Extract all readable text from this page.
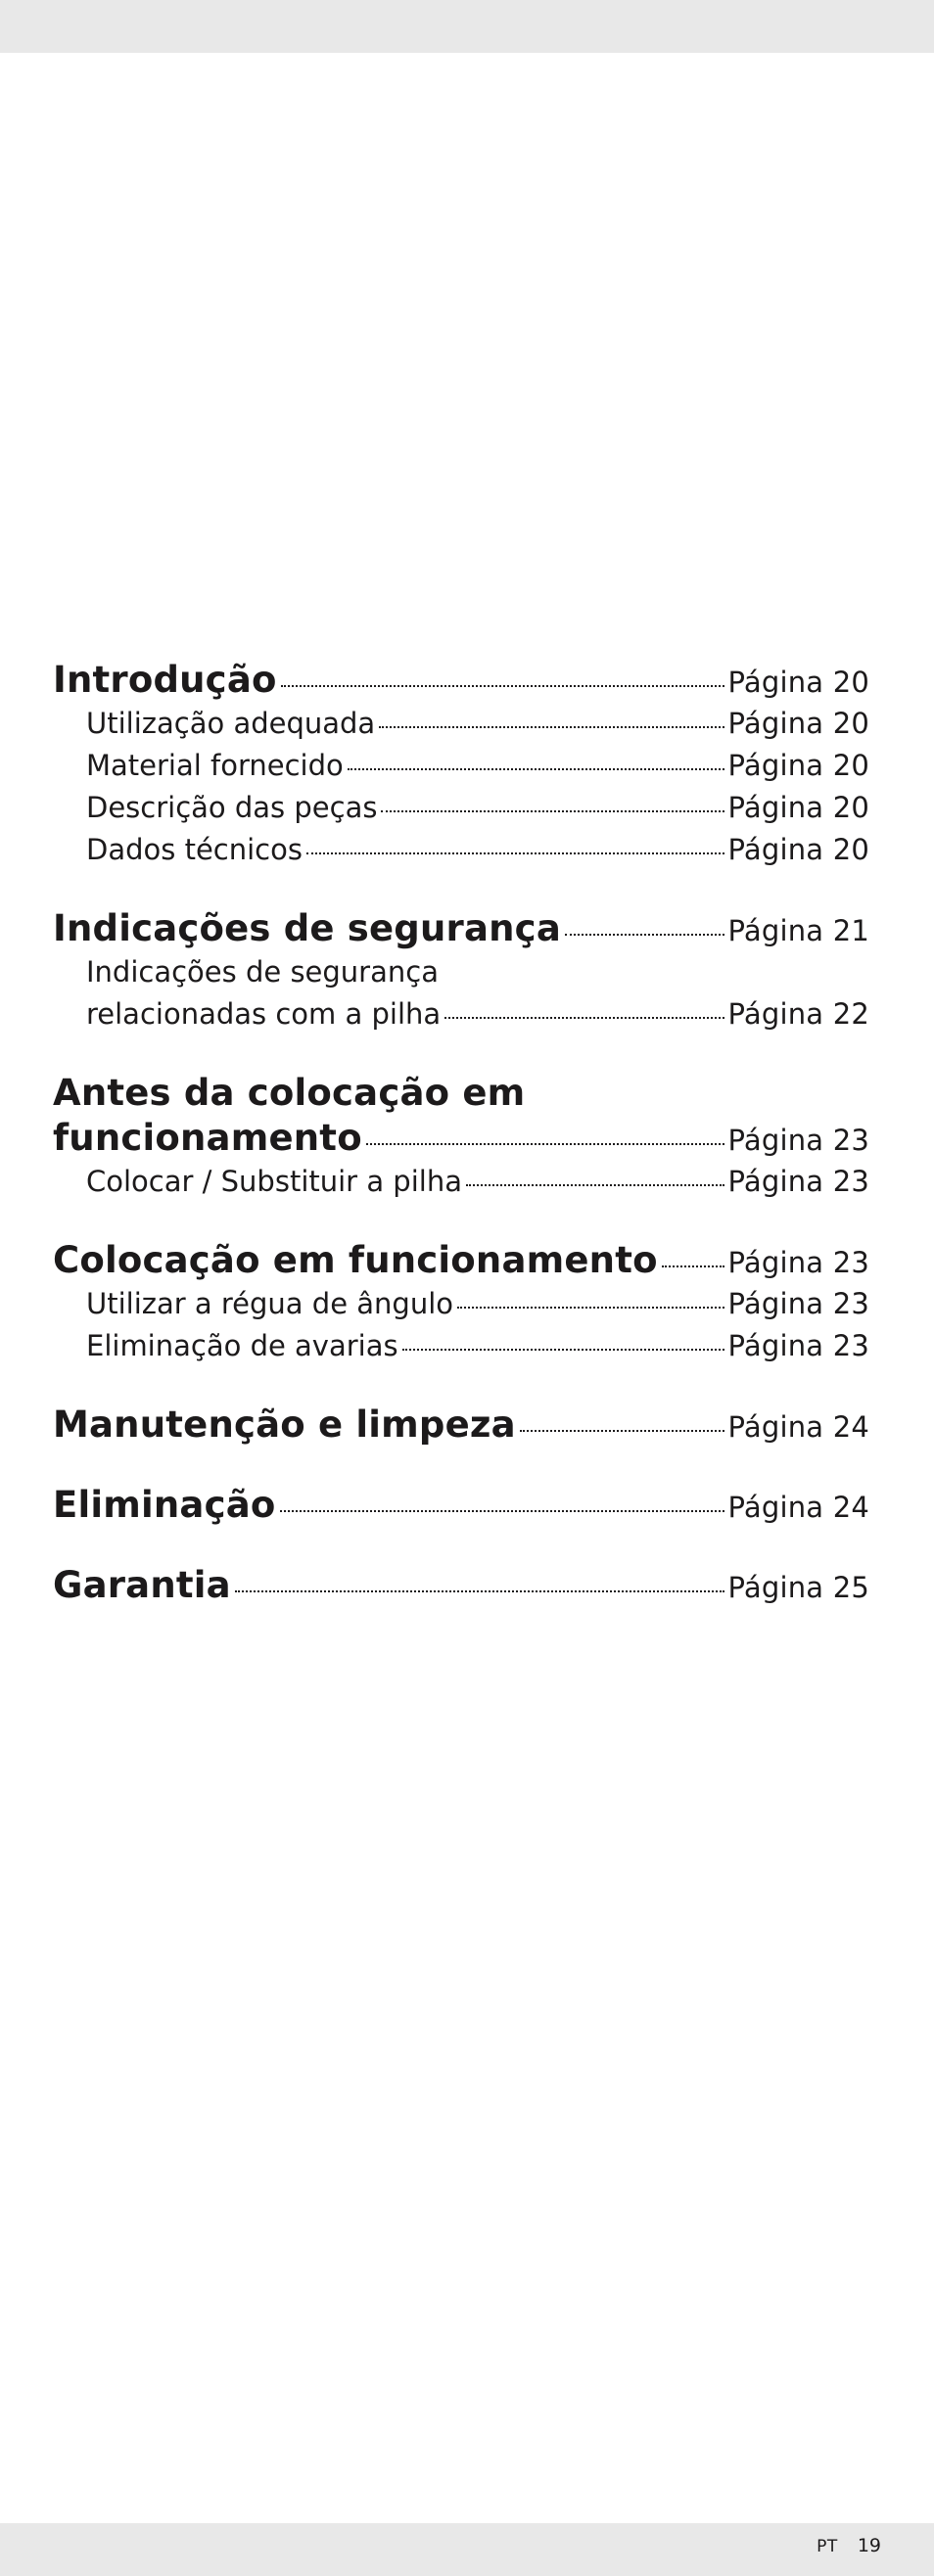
Introdução	Página 20
Utilização adequada	Página 20
Material fornecido	Página 20
Descrição das peças	Página 20
Dados técnicos	Página 20
Indicações de segurança	Página 21
Indicações de segurança
relacionadas com a pilha	Página 22
Antes da colocação em
funcionamento	Página 23
Colocar / Substituir a pilha	Página 23
Colocação em funcionamento Página 23
Utilizar a régua de ângulo	Página 23
Eliminação de avarias	Página 23
Manutenção e limpeza	Página 24
Eliminação	Página 24
Garantia	Página 25
PT 19
